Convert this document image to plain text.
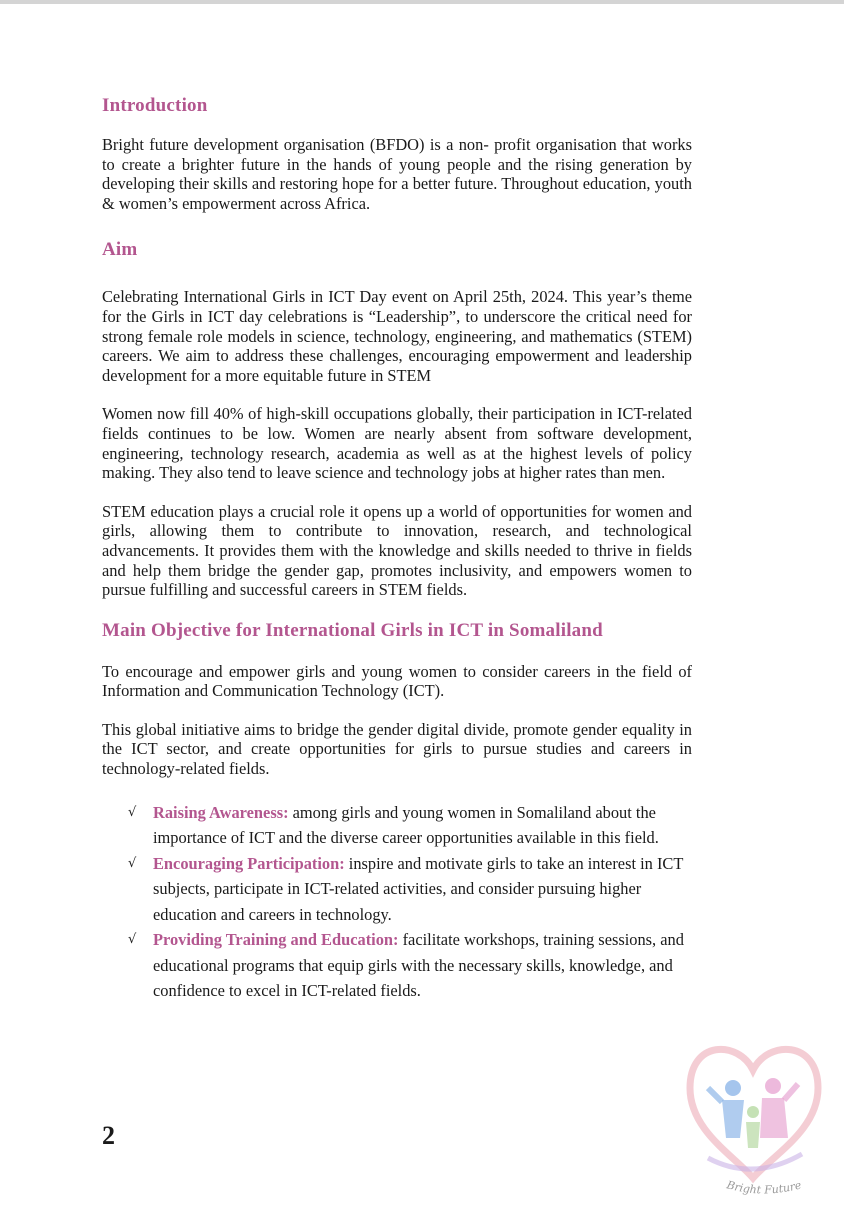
Introduction

Bright future development organisation (BFDO) is a non- profit organisation that works to create a brighter future in the hands of young people and the rising generation by developing their skills and restoring hope for a better future. Throughout education, youth & women’s empowerment across Africa.

Aim

Celebrating International Girls in ICT Day event on April 25th, 2024. This year’s theme for the Girls in ICT day celebrations is “Leadership”, to underscore the critical need for strong female role models in science, technology, engineering, and mathematics (STEM) careers. We aim to address these challenges, encouraging empowerment and leadership development for a more equitable future in STEM

Women now fill 40% of high-skill occupations globally, their participation in ICT-related fields continues to be low. Women are nearly absent from software development, engineering, technology research, academia as well as at the highest levels of policy making. They also tend to leave science and technology jobs at higher rates than men.

STEM education plays a crucial role it opens up a world of opportunities for women and girls, allowing them to contribute to innovation, research, and technological advancements. It provides them with the knowledge and skills needed to thrive in fields and help them bridge the gender gap, promotes inclusivity, and empowers women to pursue fulfilling and successful careers in STEM fields.

Main Objective for International Girls in ICT in Somaliland

To encourage and empower girls and young women to consider careers in the field of Information and Communication Technology (ICT).

This global initiative aims to bridge the gender digital divide, promote gender equality in the ICT sector, and create opportunities for girls to pursue studies and careers in technology-related fields.

√	Raising Awareness: among girls and young women in Somaliland about the importance of ICT and the diverse career opportunities available in this field.
√	Encouraging Participation: inspire and motivate girls to take an interest in ICT subjects, participate in ICT-related activities, and consider pursuing higher education and careers in technology.
√	Providing Training and Education: facilitate workshops, training sessions, and educational programs that equip girls with the necessary skills, knowledge, and confidence to excel in ICT-related fields.
2
Bright Future
